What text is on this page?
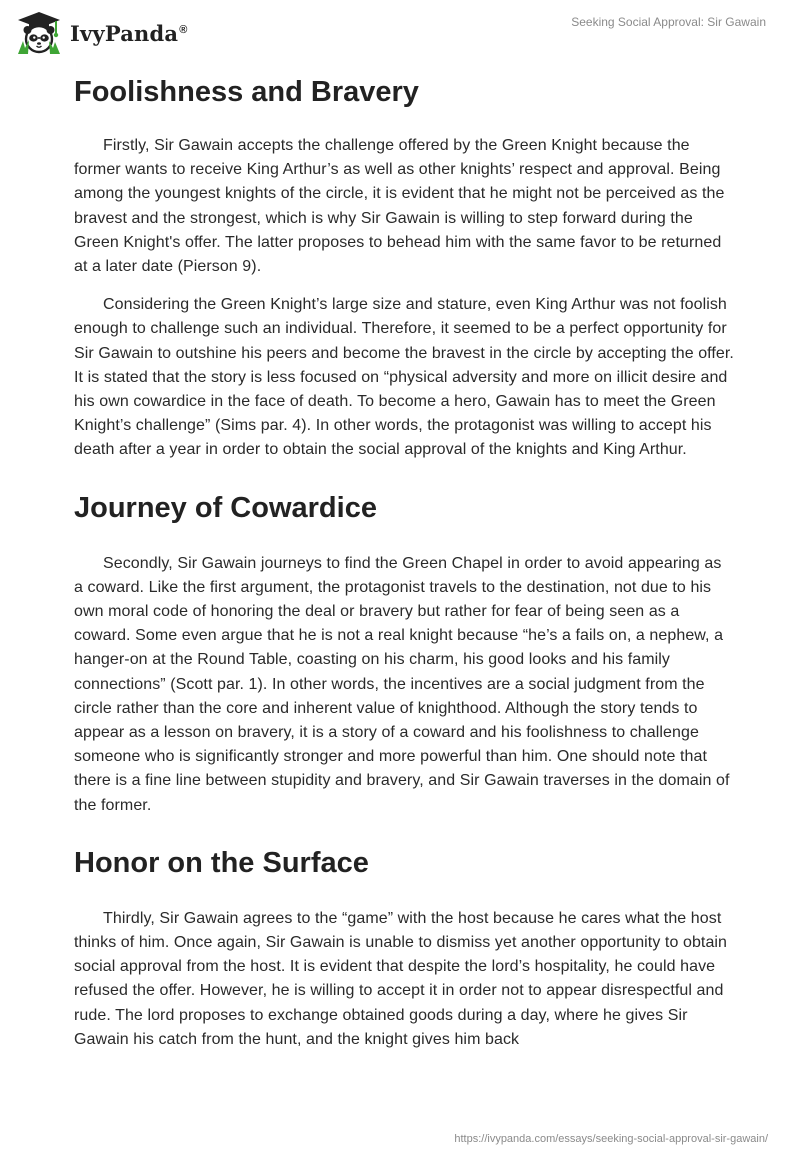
IvyPanda®
Seeking Social Approval: Sir Gawain
Foolishness and Bravery

Firstly, Sir Gawain accepts the challenge offered by the Green Knight because the former wants to receive King Arthur’s as well as other knights’ respect and approval. Being among the youngest knights of the circle, it is evident that he might not be perceived as the bravest and the strongest, which is why Sir Gawain is willing to step forward during the Green Knight's offer. The latter proposes to behead him with the same favor to be returned at a later date (Pierson 9).

Considering the Green Knight’s large size and stature, even King Arthur was not foolish enough to challenge such an individual. Therefore, it seemed to be a perfect opportunity for Sir Gawain to outshine his peers and become the bravest in the circle by accepting the offer. It is stated that the story is less focused on “physical adversity and more on illicit desire and his own cowardice in the face of death. To become a hero, Gawain has to meet the Green Knight’s challenge” (Sims par. 4). In other words, the protagonist was willing to accept his death after a year in order to obtain the social approval of the knights and King Arthur.

Journey of Cowardice

Secondly, Sir Gawain journeys to find the Green Chapel in order to avoid appearing as a coward. Like the first argument, the protagonist travels to the destination, not due to his own moral code of honoring the deal or bravery but rather for fear of being seen as a coward. Some even argue that he is not a real knight because “he’s a fails on, a nephew, a hanger-on at the Round Table, coasting on his charm, his good looks and his family connections” (Scott par. 1). In other words, the incentives are a social judgment from the circle rather than the core and inherent value of knighthood. Although the story tends to appear as a lesson on bravery, it is a story of a coward and his foolishness to challenge someone who is significantly stronger and more powerful than him. One should note that there is a fine line between stupidity and bravery, and Sir Gawain traverses in the domain of the former.

Honor on the Surface

Thirdly, Sir Gawain agrees to the “game” with the host because he cares what the host thinks of him. Once again, Sir Gawain is unable to dismiss yet another opportunity to obtain social approval from the host. It is evident that despite the lord’s hospitality, he could have refused the offer. However, he is willing to accept it in order not to appear disrespectful and rude. The lord proposes to exchange obtained goods during a day, where he gives Sir Gawain his catch from the hunt, and the knight gives him back

https://ivypanda.com/essays/seeking-social-approval-sir-gawain/
